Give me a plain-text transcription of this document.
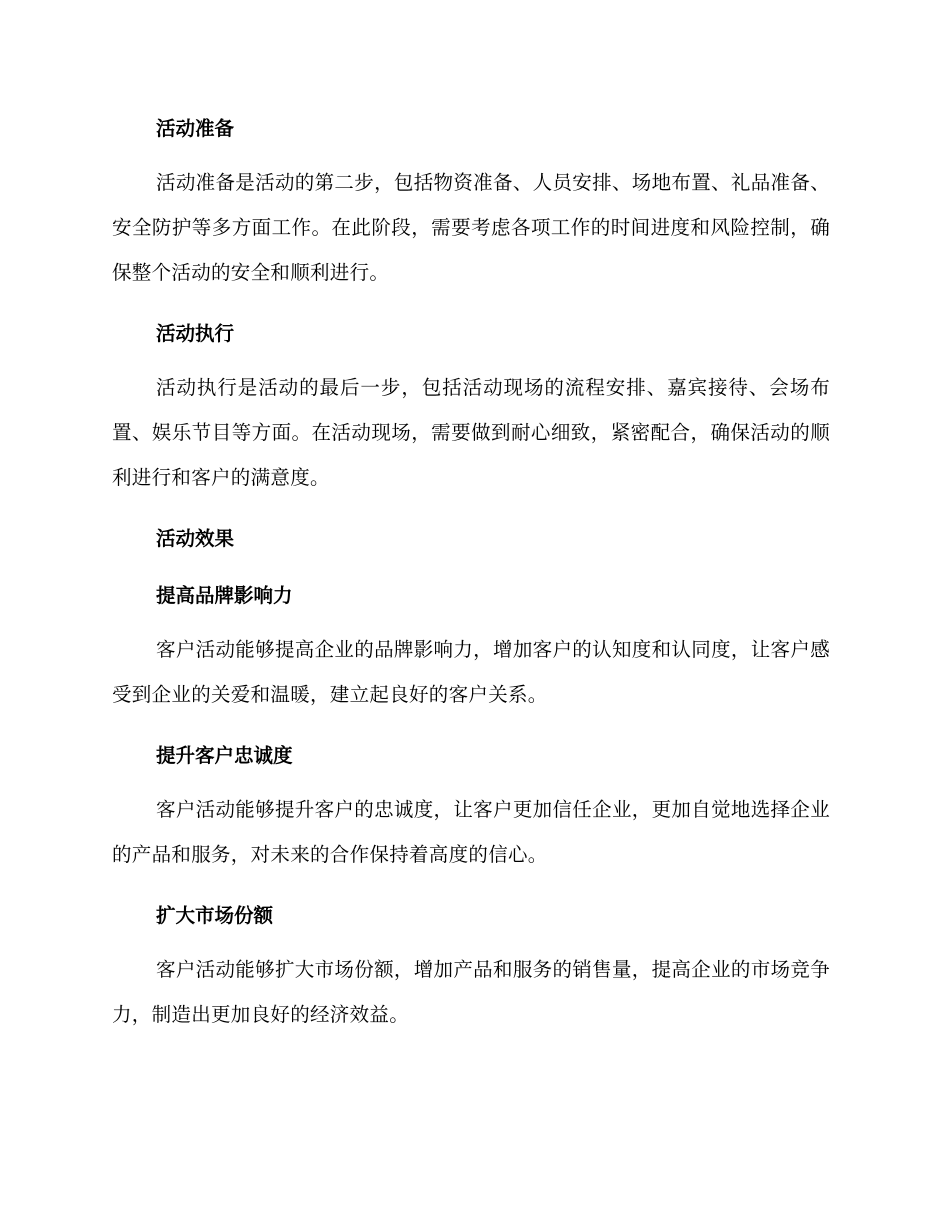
活动准备

活动准备是活动的第二步，包括物资准备、人员安排、场地布置、礼品准备、安全防护等多方面工作。在此阶段，需要考虑各项工作的时间进度和风险控制，确保整个活动的安全和顺利进行。

活动执行

活动执行是活动的最后一步，包括活动现场的流程安排、嘉宾接待、会场布置、娱乐节目等方面。在活动现场，需要做到耐心细致，紧密配合，确保活动的顺利进行和客户的满意度。

活动效果
提高品牌影响力

客户活动能够提高企业的品牌影响力，增加客户的认知度和认同度，让客户感受到企业的关爱和温暖，建立起良好的客户关系。

提升客户忠诚度

客户活动能够提升客户的忠诚度，让客户更加信任企业，更加自觉地选择企业的产品和服务，对未来的合作保持着高度的信心。

扩大市场份额

客户活动能够扩大市场份额，增加产品和服务的销售量，提高企业的市场竞争力，制造出更加良好的经济效益。
